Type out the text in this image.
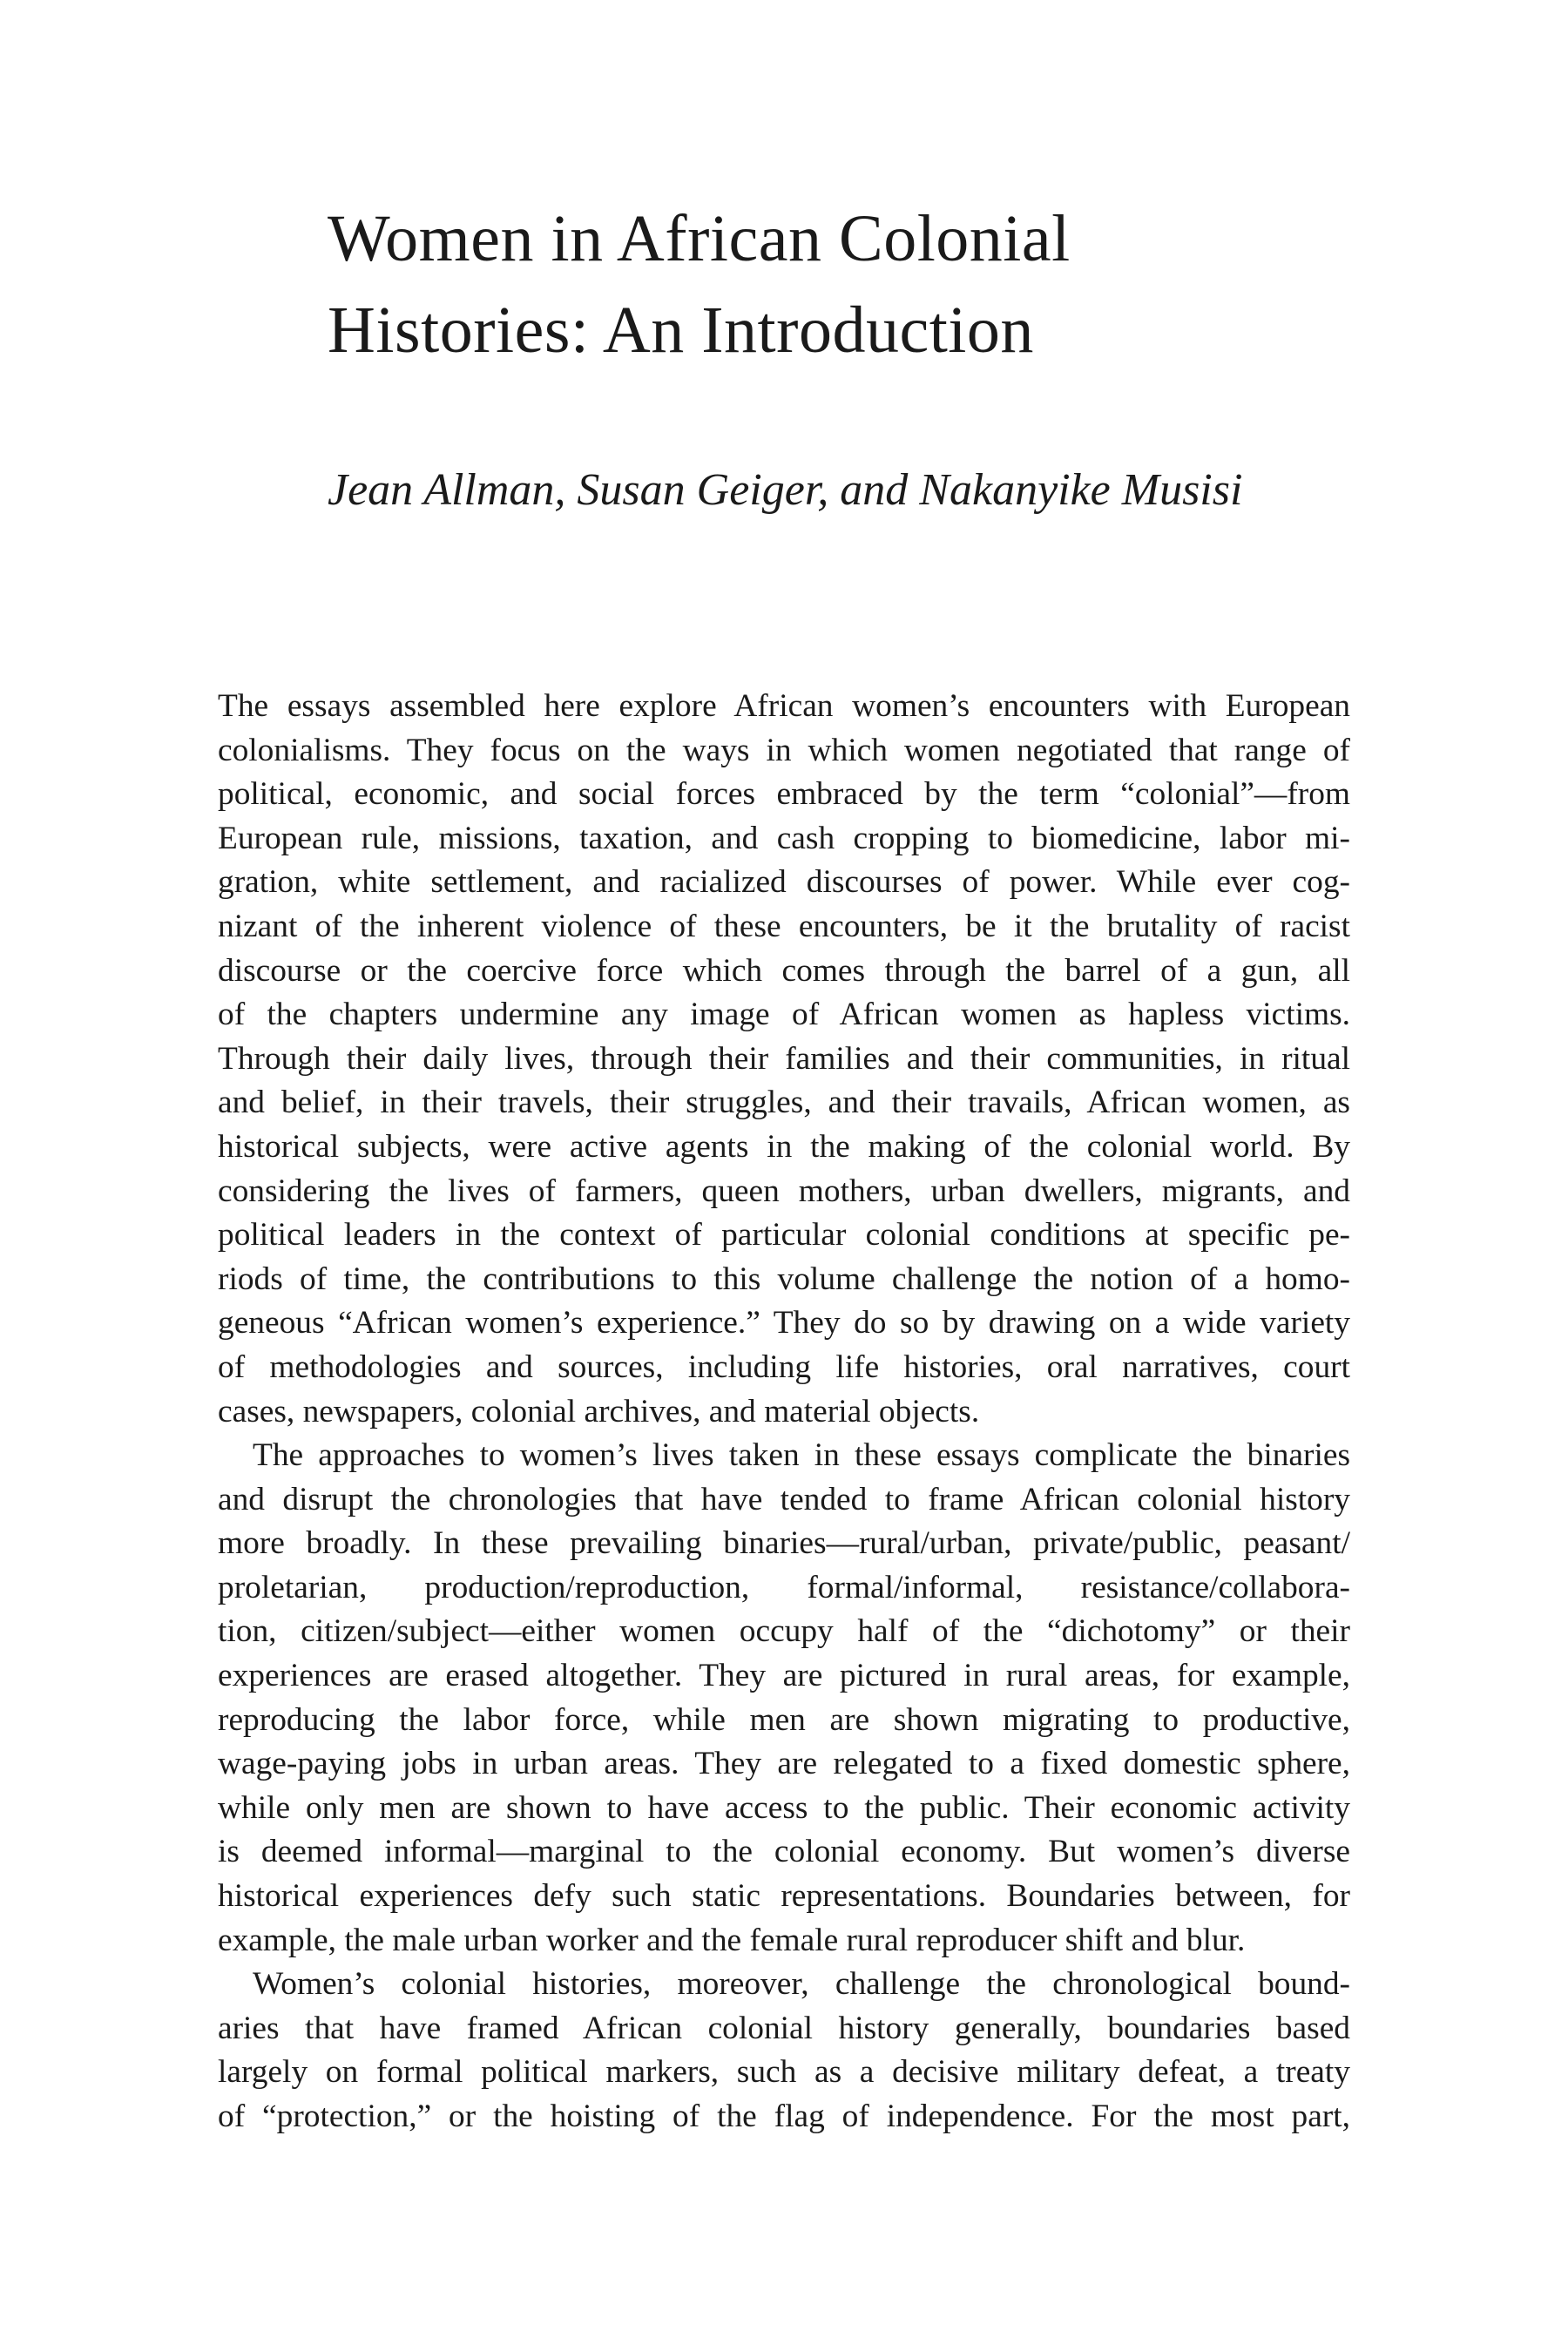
Women in African Colonial
Histories: An Introduction

Jean Allman, Susan Geiger, and Nakanyike Musisi

The essays assembled here explore African women’s encounters with European
colonialisms. They focus on the ways in which women negotiated that range of
political, economic, and social forces embraced by the term “colonial”—from
European rule, missions, taxation, and cash cropping to biomedicine, labor mi-
gration, white settlement, and racialized discourses of power. While ever cog-
nizant of the inherent violence of these encounters, be it the brutality of racist
discourse or the coercive force which comes through the barrel of a gun, all
of the chapters undermine any image of African women as hapless victims.
Through their daily lives, through their families and their communities, in ritual
and belief, in their travels, their struggles, and their travails, African women, as
historical subjects, were active agents in the making of the colonial world. By
considering the lives of farmers, queen mothers, urban dwellers, migrants, and
political leaders in the context of particular colonial conditions at specific pe-
riods of time, the contributions to this volume challenge the notion of a homo-
geneous “African women’s experience.” They do so by drawing on a wide variety
of methodologies and sources, including life histories, oral narratives, court
cases, newspapers, colonial archives, and material objects.

The approaches to women’s lives taken in these essays complicate the binaries
and disrupt the chronologies that have tended to frame African colonial history
more broadly. In these prevailing binaries—rural/urban, private/public, peasant/
proletarian, production/reproduction, formal/informal, resistance/collabora-
tion, citizen/subject—either women occupy half of the “dichotomy” or their
experiences are erased altogether. They are pictured in rural areas, for example,
reproducing the labor force, while men are shown migrating to productive,
wage-paying jobs in urban areas. They are relegated to a fixed domestic sphere,
while only men are shown to have access to the public. Their economic activity
is deemed informal—marginal to the colonial economy. But women’s diverse
historical experiences defy such static representations. Boundaries between, for
example, the male urban worker and the female rural reproducer shift and blur.

Women’s colonial histories, moreover, challenge the chronological bound-
aries that have framed African colonial history generally, boundaries based
largely on formal political markers, such as a decisive military defeat, a treaty
of “protection,” or the hoisting of the flag of independence. For the most part,
